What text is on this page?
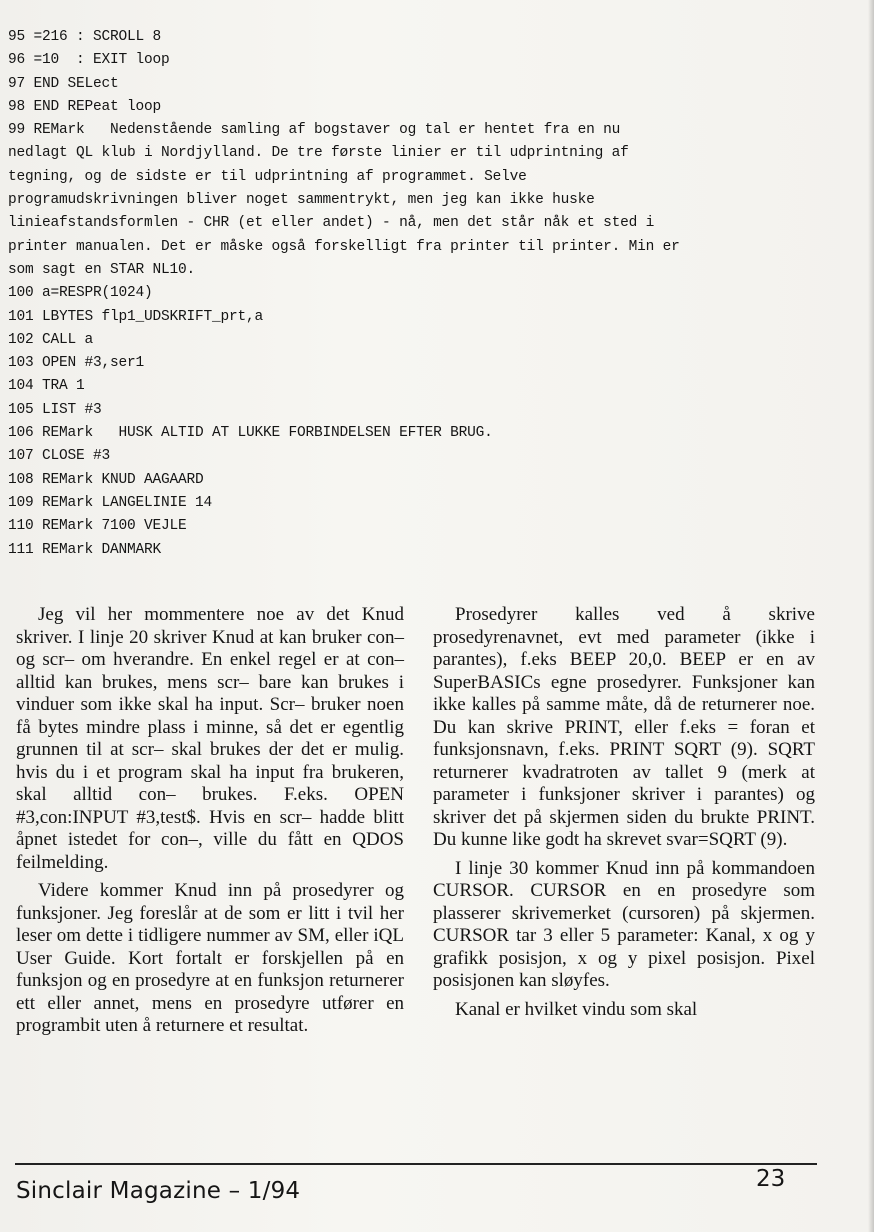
95 =216 : SCROLL 8
96 =10  : EXIT loop
97 END SELect
98 END REPeat loop
99 REMark   Nedenstående samling af bogstaver og tal er hentet fra en nu
nedlagt QL klub i Nordjylland. De tre første linier er til udprintning af
tegning, og de sidste er til udprintning af programmet. Selve
programudskrivningen bliver noget sammentrykt, men jeg kan ikke huske
linieafstandsformlen - CHR (et eller andet) - nå, men det står nåk et sted i
printer manualen. Det er måske også forskelligt fra printer til printer. Min er
som sagt en STAR NL10.
100 a=RESPR(1024)
101 LBYTES flp1_UDSKRIFT_prt,a
102 CALL a
103 OPEN #3,ser1
104 TRA 1
105 LIST #3
106 REMark   HUSK ALTID AT LUKKE FORBINDELSEN EFTER BRUG.
107 CLOSE #3
108 REMark KNUD AAGAARD
109 REMark LANGELINIE 14
110 REMark 7100 VEJLE
111 REMark DANMARK

Jeg vil her mommentere noe av det Knud skriver. I linje 20 skriver Knud at kan bruker con– og scr– om hverandre. En enkel regel er at con– alltid kan brukes, mens scr– bare kan brukes i vinduer som ikke skal ha input. Scr– bruker noen få bytes mindre plass i minne, så det er egentlig grunnen til at scr– skal brukes der det er mulig. hvis du i et program skal ha input fra brukeren, skal alltid con– brukes. F.eks. OPEN #3,con:INPUT #3,test$. Hvis en scr– hadde blitt åpnet istedet for con–, ville du fått en QDOS feilmelding.

Videre kommer Knud inn på prosedyrer og funksjoner. Jeg foreslår at de som er litt i tvil her leser om dette i tidligere nummer av SM, eller iQL User Guide. Kort fortalt er forskjellen på en funksjon og en prosedyre at en funksjon returnerer ett eller annet, mens en prosedyre utfører en programbit uten å returnere et resultat.

Prosedyrer kalles ved å skrive prosedyrenavnet, evt med parameter (ikke i parantes), f.eks BEEP 20,0. BEEP er en av SuperBASICs egne prosedyrer. Funksjoner kan ikke kalles på samme måte, då de returnerer noe. Du kan skrive PRINT, eller f.eks = foran et funksjonsnavn, f.eks. PRINT SQRT (9). SQRT returnerer kvadratroten av tallet 9 (merk at parameter i funksjoner skriver i parantes) og skriver det på skjermen siden du brukte PRINT. Du kunne like godt ha skrevet svar=SQRT (9).

I linje 30 kommer Knud inn på kommandoen CURSOR. CURSOR en en prosedyre som plasserer skrivemerket (cursoren) på skjermen. CURSOR tar 3 eller 5 parameter: Kanal, x og y grafikk posisjon, x og y pixel posisjon. Pixel posisjonen kan sløyfes.

Kanal er hvilket vindu som skal

Sinclair Magazine – 1/94	23
